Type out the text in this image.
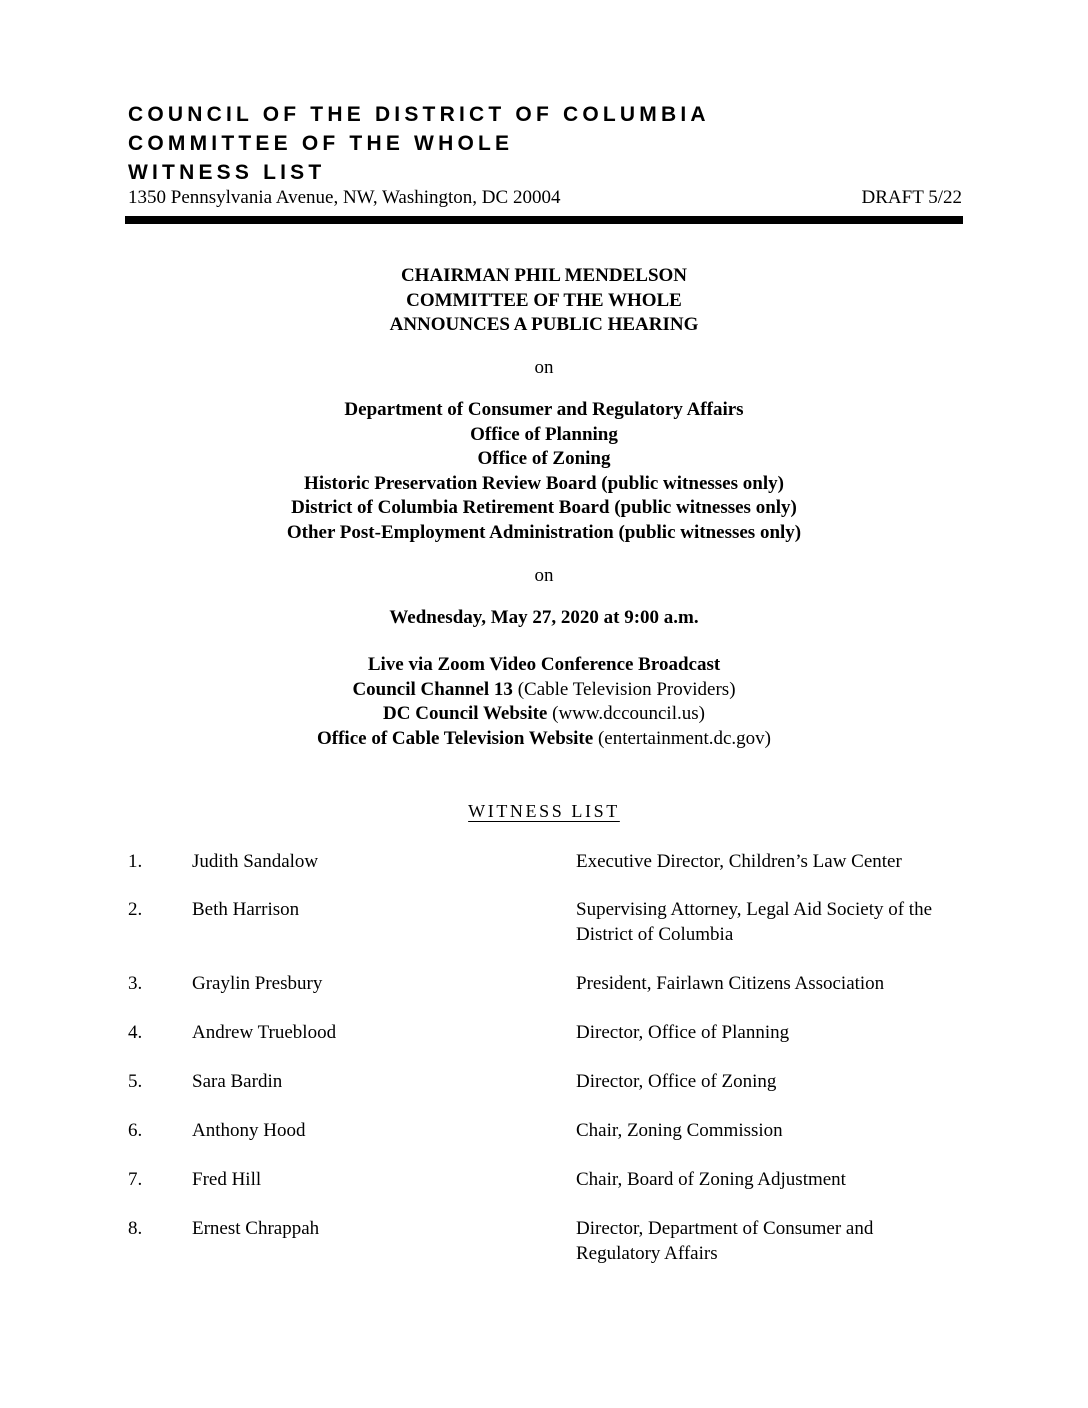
COUNCIL OF THE DISTRICT OF COLUMBIA
COMMITTEE OF THE WHOLE
WITNESS LIST
1350 Pennsylvania Avenue, NW, Washington, DC 20004	DRAFT 5/22
CHAIRMAN PHIL MENDELSON
COMMITTEE OF THE WHOLE
ANNOUNCES A PUBLIC HEARING
on
Department of Consumer and Regulatory Affairs
Office of Planning
Office of Zoning
Historic Preservation Review Board (public witnesses only)
District of Columbia Retirement Board (public witnesses only)
Other Post-Employment Administration (public witnesses only)
on
Wednesday, May 27, 2020 at 9:00 a.m.
Live via Zoom Video Conference Broadcast
Council Channel 13 (Cable Television Providers)
DC Council Website (www.dccouncil.us)
Office of Cable Television Website (entertainment.dc.gov)
WITNESS LIST
1.	Judith Sandalow	Executive Director, Children’s Law Center
2.	Beth Harrison	Supervising Attorney, Legal Aid Society of the District of Columbia
3.	Graylin Presbury	President, Fairlawn Citizens Association
4.	Andrew Trueblood	Director, Office of Planning
5.	Sara Bardin	Director, Office of Zoning
6.	Anthony Hood	Chair, Zoning Commission
7.	Fred Hill	Chair, Board of Zoning Adjustment
8.	Ernest Chrappah	Director, Department of Consumer and Regulatory Affairs
